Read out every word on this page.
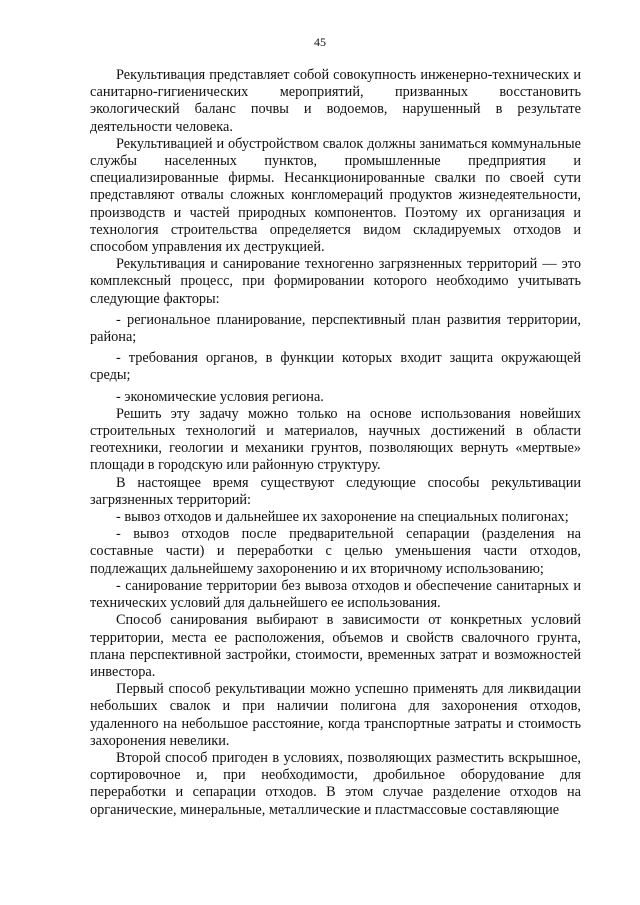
45

Рекультивация представляет собой совокупность инженерно-технических и санитарно-гигиенических мероприятий, призванных восстановить экологический баланс почвы и водоемов, нарушенный в результате деятельности человека.

Рекультивацией и обустройством свалок должны заниматься коммунальные службы населенных пунктов, промышленные предприятия и специализированные фирмы. Несанкционированные свалки по своей сути представляют отвалы сложных конгломераций продуктов жизнедеятельности, производств и частей природных компонентов. Поэтому их организация и технология строительства определяется видом складируемых отходов и способом управления их деструкцией.

Рекультивация и санирование техногенно загрязненных территорий — это комплексный процесс, при формировании которого необходимо учитывать следующие факторы:

- региональное планирование, перспективный план развития территории, района;

- требования органов, в функции которых входит защита окружающей среды;

- экономические условия региона.

Решить эту задачу можно только на основе использования новейших строительных технологий и материалов, научных достижений в области геотехники, геологии и механики грунтов, позволяющих вернуть «мертвые» площади в городскую или районную структуру.

В настоящее время существуют следующие способы рекультивации загрязненных территорий:

- вывоз отходов и дальнейшее их захоронение на специальных полигонах;

- вывоз отходов после предварительной сепарации (разделения на составные части) и переработки с целью уменьшения части отходов, подлежащих дальнейшему захоронению и их вторичному использованию;

- санирование территории без вывоза отходов и обеспечение санитарных и технических условий для дальнейшего ее использования.

Способ санирования выбирают в зависимости от конкретных условий территории, места ее расположения, объемов и свойств свалочного грунта, плана перспективной застройки, стоимости, временных затрат и возможностей инвестора.

Первый способ рекультивации можно успешно применять для ликвидации небольших свалок и при наличии полигона для захоронения отходов, удаленного на небольшое расстояние, когда транспортные затраты и стоимость захоронения невелики.

Второй способ пригоден в условиях, позволяющих разместить вскрышное, сортировочное и, при необходимости, дробильное оборудование для переработки и сепарации отходов. В этом случае разделение отходов на органические, минеральные, металлические и пластмассовые составляющие
